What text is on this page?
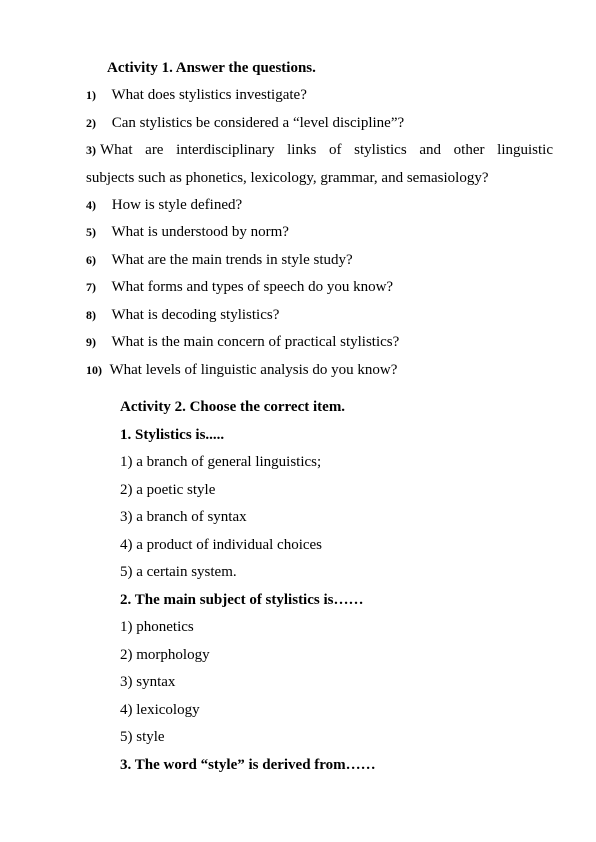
Activity 1. Answer the questions.
1) What does stylistics investigate?
2) Can stylistics be considered a “level discipline”?
3) What are interdisciplinary links of stylistics and other linguistic
subjects such as phonetics, lexicology, grammar, and semasiology?
4) How is style defined?
5) What is understood by norm?
6) What are the main trends in style study?
7) What forms and types of speech do you know?
8) What is decoding stylistics?
9) What is the main concern of practical stylistics?
10) What levels of linguistic analysis do you know?
Activity 2. Choose the correct item.
1. Stylistics is.....
1) a branch of general linguistics;
2) a poetic style
3) a branch of syntax
4) a product of individual choices
5) a certain system.
2. The main subject of stylistics is……
1) phonetics
2) morphology
3) syntax
4) lexicology
5) style
3. The word “style” is derived from……
